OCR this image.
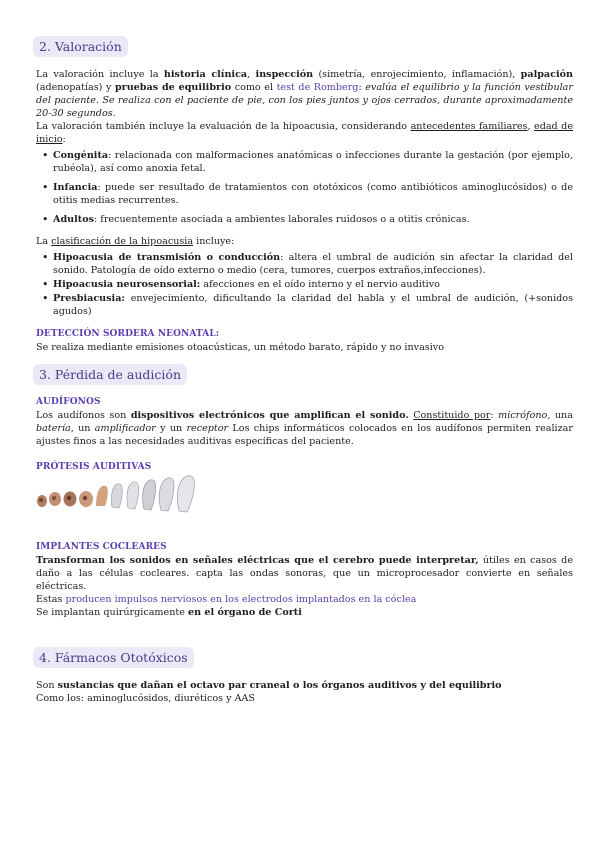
2. Valoración

La valoración incluye la historia clínica, inspección (simetría, enrojecimiento, inflamación), palpación (adenopatías) y pruebas de equilibrio como el test de Romberg: evalúa el equilibrio y la función vestibular del paciente. Se realiza con el paciente de pie, con los pies juntos y ojos cerrados, durante aproximadamente 20-30 segundos.

La valoración también incluye la evaluación de la hipoacusia, considerando antecedentes familiares, edad de inicio:

• Congénita: relacionada con malformaciones anatómicas o infecciones durante la gestación (por ejemplo, rubéola), así como anoxia fetal.
• Infancia: puede ser resultado de tratamientos con ototóxicos (como antibióticos aminoglucósidos) o de otitis medias recurrentes.
• Adultos: frecuentemente asociada a ambientes laborales ruidosos o a otitis crónicas.

La clasificación de la hipoacusia incluye:

• Hipoacusia de transmisión o conducción: altera el umbral de audición sin afectar la claridad del sonido. Patología de oído externo o medio (cera, tumores, cuerpos extraños,infecciones).
• Hipoacusia neurosensorial: afecciones en el oído interno y el nervio auditivo
• Presbiacusia: envejecimiento, dificultando la claridad del habla y el umbral de audición, (+sonidos agudos)
DETECCIÓN SORDERA NEONATAL:

Se realiza mediante emisiones otoacústicas, un método barato, rápido y no invasivo

3. Pérdida de audición
AUDÍFONOS

Los audífonos son dispositivos electrónicos que amplifican el sonido. Constituido por: micrófono, una batería, un amplificador y un receptor Los chips informáticos colocados en los audífonos permiten realizar ajustes finos a las necesidades auditivas específicas del paciente.

PRÓTESIS AUDITIVAS
IMPLANTES COCLEARES

Transforman los sonidos en señales eléctricas que el cerebro puede interpretar, útiles en casos de daño a las células cocleares. capta las ondas sonoras, que un microprocesador convierte en señales eléctricas.

Estas producen impulsos nerviosos en los electrodos implantados en la cóclea

Se implantan quirúrgicamente en el órgano de Corti

4. Fármacos Ototóxicos

Son sustancias que dañan el octavo par craneal o los órganos auditivos y del equilibrio

Como los: aminoglucósidos, diuréticos y AAS
